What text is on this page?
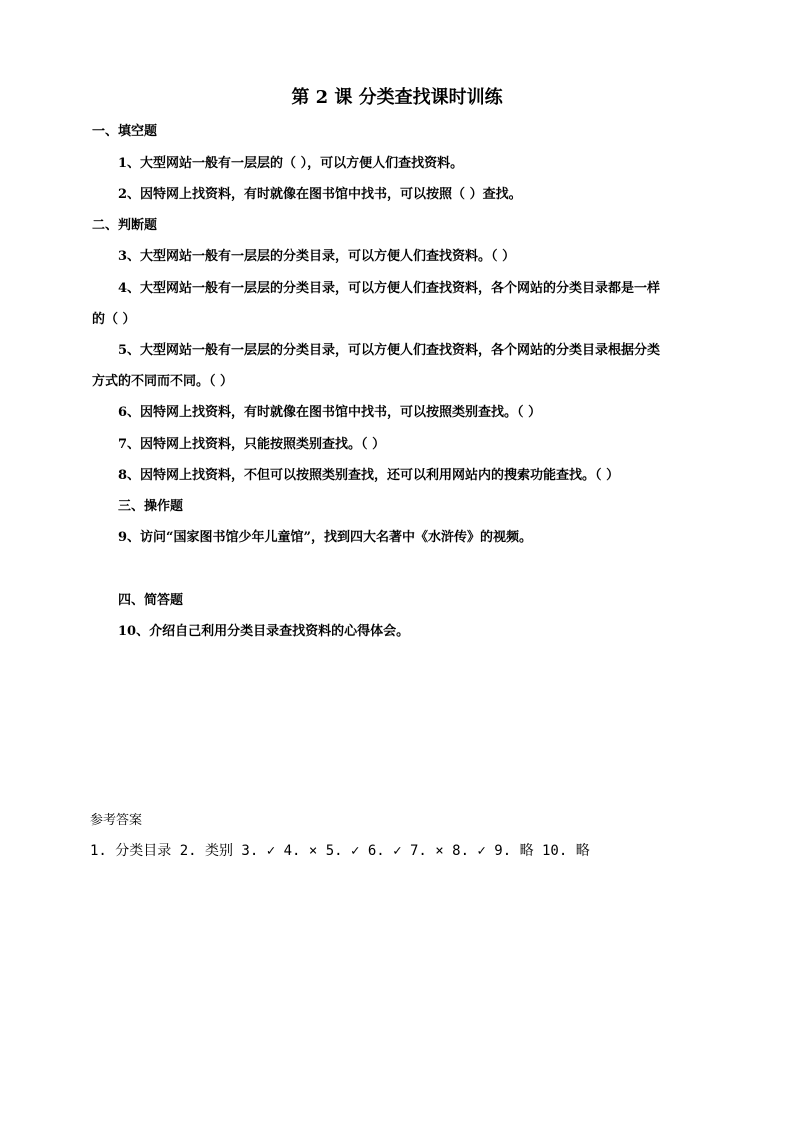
第 2 课 分类查找课时训练
一、填空题
1、大型网站一般有一层层的（ ），可以方便人们查找资料。
2、因特网上找资料，有时就像在图书馆中找书，可以按照（ ）查找。
二、判断题
3、大型网站一般有一层层的分类目录，可以方便人们查找资料。（ ）
4、大型网站一般有一层层的分类目录，可以方便人们查找资料，各个网站的分类目录都是一样
的（ ）
5、大型网站一般有一层层的分类目录，可以方便人们查找资料，各个网站的分类目录根据分类
方式的不同而不同。（ ）
6、因特网上找资料，有时就像在图书馆中找书，可以按照类别查找。（ ）
7、因特网上找资料，只能按照类别查找。（ ）
8、因特网上找资料，不但可以按照类别查找，还可以利用网站内的搜索功能查找。（ ）
三、操作题
9、访问“国家图书馆少年儿童馆”，找到四大名著中《水浒传》的视频。
四、简答题
10、介绍自己利用分类目录查找资料的心得体会。
参考答案
1. 分类目录 2. 类别 3. ✓ 4. × 5. ✓ 6. ✓ 7. × 8. ✓ 9. 略 10. 略
